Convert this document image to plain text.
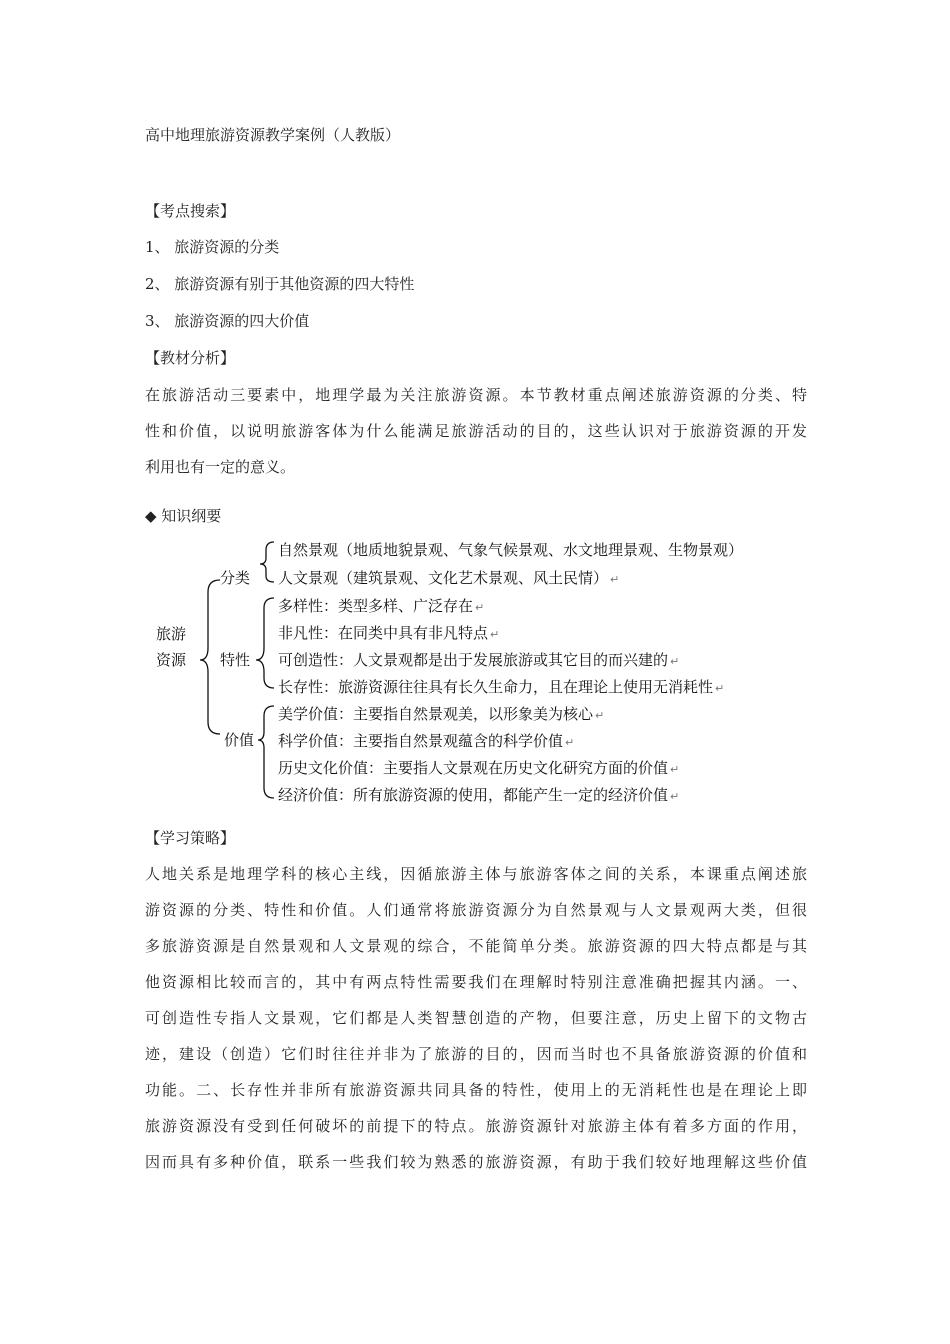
高中地理旅游资源教学案例（人教版）
【考点搜索】
1、 旅游资源的分类
2、 旅游资源有别于其他资源的四大特性
3、 旅游资源的四大价值
【教材分析】
在旅游活动三要素中，地理学最为关注旅游资源。本节教材重点阐述旅游资源的分类、特
性和价值，以说明旅游客体为什么能满足旅游活动的目的，这些认识对于旅游资源的开发
利用也有一定的意义。
◆ 知识纲要
旅游
资源
分类
特性
价值
自然景观（地质地貌景观、气象气候景观、水文地理景观、生物景观）
人文景观（建筑景观、文化艺术景观、风土民情） ↵
多样性：类型多样、广泛存在 ↵
非凡性：在同类中具有非凡特点 ↵
可创造性：人文景观都是出于发展旅游或其它目的而兴建的 ↵
长存性：旅游资源往往具有长久生命力，且在理论上使用无消耗性 ↵
美学价值：主要指自然景观美，以形象美为核心 ↵
科学价值：主要指自然景观蕴含的科学价值 ↵
历史文化价值：主要指人文景观在历史文化研究方面的价值 ↵
经济价值：所有旅游资源的使用，都能产生一定的经济价值 ↵
【学习策略】
人地关系是地理学科的核心主线，因循旅游主体与旅游客体之间的关系，本课重点阐述旅
游资源的分类、特性和价值。人们通常将旅游资源分为自然景观与人文景观两大类，但很
多旅游资源是自然景观和人文景观的综合，不能简单分类。旅游资源的四大特点都是与其
他资源相比较而言的，其中有两点特性需要我们在理解时特别注意准确把握其内涵。一、
可创造性专指人文景观，它们都是人类智慧创造的产物，但要注意，历史上留下的文物古
迹，建设（创造）它们时往往并非为了旅游的目的，因而当时也不具备旅游资源的价值和
功能。二、长存性并非所有旅游资源共同具备的特性，使用上的无消耗性也是在理论上即
旅游资源没有受到任何破坏的前提下的特点。旅游资源针对旅游主体有着多方面的作用，
因而具有多种价值，联系一些我们较为熟悉的旅游资源，有助于我们较好地理解这些价值
